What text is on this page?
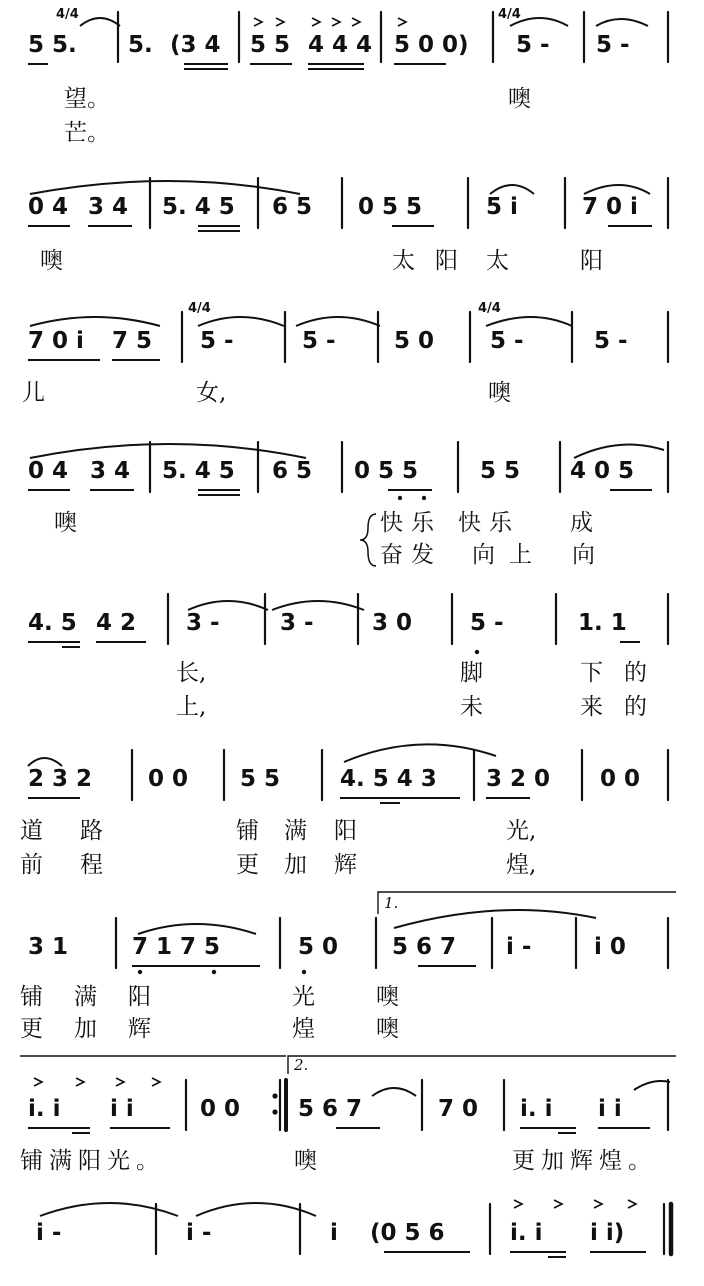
5 5. 5. (3 4 5 5 4 4 4 5 0 0) 5 - 5 -
4/4	4/4
望。	噢
芒。
0 4 3 4 5. 4 5 6 5 0 5 5	5 i	7 0 i
噢	太阳 太	阳
7 0 i 7 5 5 -	5 -	5 0 5 -	5 -
4/4	4/4
儿	女,	噢
0 4 3 4 5. 4 5 6 5 0 5 5	5 5 4 0 5
噢	快乐 快乐 成
奋发 向上 向
4. 5 4 2 3 -	3 -	3 0	5 -	1. 1
长,	脚	下 的
上,	未	来 的
2 3 2 0 0 5 5	4. 5 4 3 3 2 0 0 0
道 路	铺 满 阳	光,
前 程	更 加 辉	煌,
1.
3 1	7 1 7 5	5 0 5 6 7 i -	i 0
铺 满 阳	光	噢
更 加 辉	煌	噢
2.
i. i i i	0 0	5 6 7	7 0 i. i i i
铺满阳光。	噢	更加辉煌。
i -	i -	i (0 5 6	i. i i i)
